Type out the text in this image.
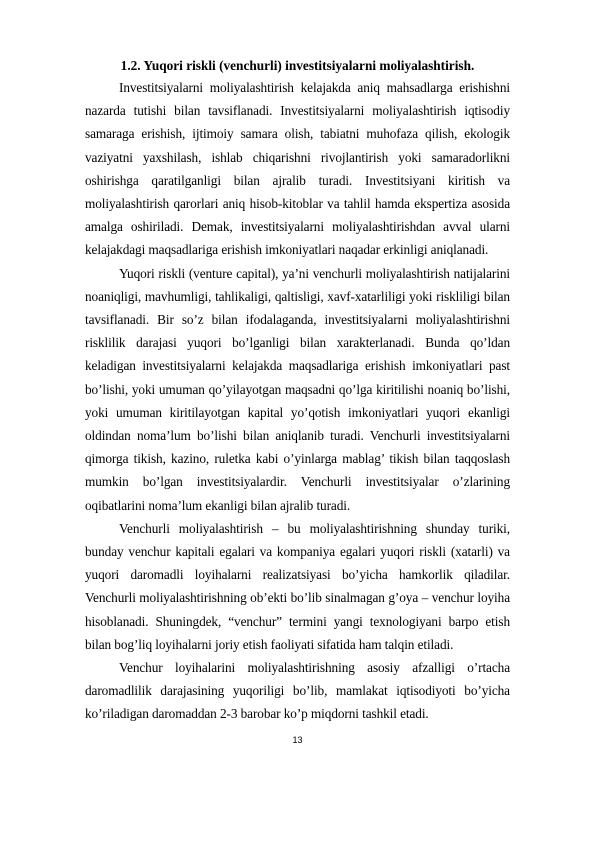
1.2. Yuqori riskli (venchurli) investitsiyalarni moliyalashtirish.

Investitsiyalarni moliyalashtirish kelajakda aniq mahsadlarga erishishni nazarda tutishi bilan tavsiflanadi. Investitsiyalarni moliyalashtirish iqtisodiy samaraga erishish, ijtimoiy samara olish, tabiatni muhofaza qilish, ekologik vaziyatni yaxshilash, ishlab chiqarishni rivojlantirish yoki samaradorlikni oshirishga qaratilganligi bilan ajralib turadi. Investitsiyani kiritish va moliyalashtirish qarorlari aniq hisob-kitoblar va tahlil hamda ekspertiza asosida amalga oshiriladi. Demak, investitsiyalarni moliyalashtirishdan avval ularni kelajakdagi maqsadlariga erishish imkoniyatlari naqadar erkinligi aniqlanadi.

Yuqori riskli (venture capital), ya’ni venchurli moliyalashtirish natijalarini noaniqligi, mavhumligi, tahlikaligi, qaltisligi, xavf-xatarliligi yoki riskliligi bilan tavsiflanadi. Bir so’z bilan ifodalaganda, investitsiyalarni moliyalashtirishni risklilik darajasi yuqori bo’lganligi bilan xarakterlanadi. Bunda qo’ldan keladigan investitsiyalarni kelajakda maqsadlariga erishish imkoniyatlari past bo’lishi, yoki umuman qo’yilayotgan maqsadni qo’lga kiritilishi noaniq bo’lishi, yoki umuman kiritilayotgan kapital yo’qotish imkoniyatlari yuqori ekanligi oldindan noma’lum bo’lishi bilan aniqlanib turadi. Venchurli investitsiyalarni qimorga tikish, kazino, ruletka kabi o’yinlarga mablag’ tikish bilan taqqoslash mumkin bo’lgan investitsiyalardir. Venchurli investitsiyalar o’zlarining oqibatlarini noma’lum ekanligi bilan ajralib turadi.

Venchurli moliyalashtirish – bu moliyalashtirishning shunday turiki, bunday venchur kapitali egalari va kompaniya egalari yuqori riskli (xatarli) va yuqori daromadli loyihalarni realizatsiyasi bo’yicha hamkorlik qiladilar. Venchurli moliyalashtirishning ob’ekti bo’lib sinalmagan g’oya – venchur loyiha hisoblanadi. Shuningdek, “venchur” termini yangi texnologiyani barpo etish bilan bog’liq loyihalarni joriy etish faoliyati sifatida ham talqin etiladi.

Venchur loyihalarini moliyalashtirishning asosiy afzalligi o’rtacha daromadlilik darajasining yuqoriligi bo’lib, mamlakat iqtisodiyoti bo’yicha ko’riladigan daromaddan 2-3 barobar ko’p miqdorni tashkil etadi.

13
